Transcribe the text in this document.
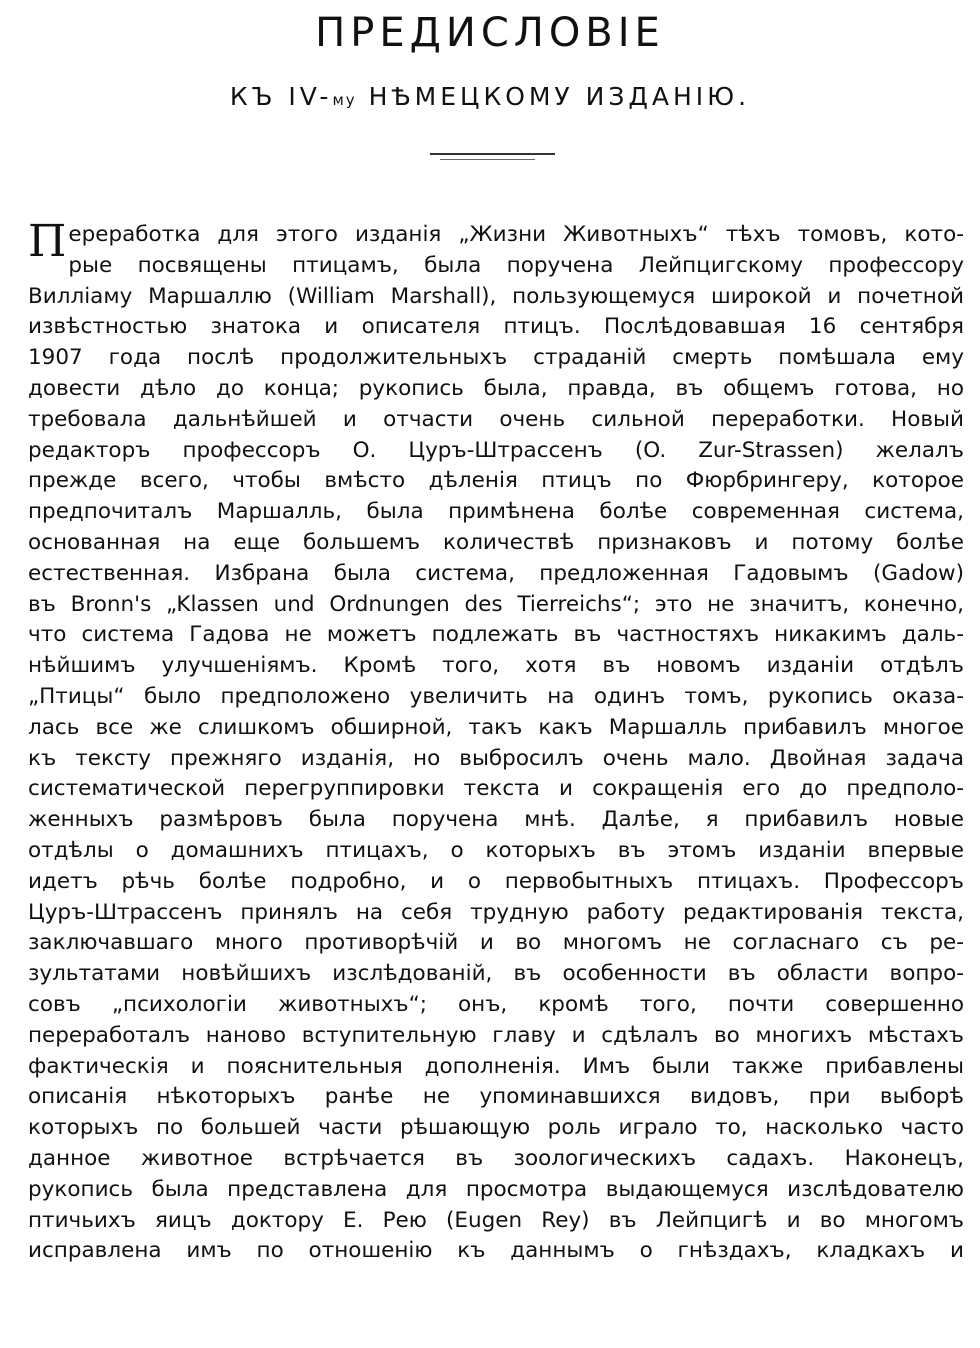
ПРЕДИСЛОВІЕ
КЪ IV-му НѢМЕЦКОМУ ИЗДАНІЮ.
П ереработка для этого изданія „Жизни Животныхъ“ тѣхъ томовъ, кото-
рые посвящены птицамъ, была поручена Лейпцигскому профессору
Вилліаму Маршаллю (William Marshall), пользующемуся широкой и почетной
извѣстностью знатока и описателя птицъ. Послѣдовавшая 16 сентября
1907 года послѣ продолжительныхъ страданій смерть помѣшала ему
довести дѣло до конца; рукопись была, правда, въ общемъ готова, но
требовала дальнѣйшей и отчасти очень сильной переработки. Новый
редакторъ профессоръ О. Цуръ-Штрассенъ (O. Zur-Strassen) желалъ
прежде всего, чтобы вмѣсто дѣленія птицъ по Фюрбрингеру, которое
предпочиталъ Маршалль, была примѣнена болѣе современная система,
основанная на еще большемъ количествѣ признаковъ и потому болѣе
естественная. Избрана была система, предложенная Гадовымъ (Gadow)
въ Bronn's „Klassen und Ordnungen des Tierreichs“; это не значитъ, конечно,
что система Гадова не можетъ подлежать въ частностяхъ никакимъ даль-
нѣйшимъ улучшеніямъ. Кромѣ того, хотя въ новомъ изданіи отдѣлъ
„Птицы“ было предположено увеличить на одинъ томъ, рукопись оказа-
лась все же слишкомъ обширной, такъ какъ Маршалль прибавилъ многое
къ тексту прежняго изданія, но выбросилъ очень мало. Двойная задача
систематической перегруппировки текста и сокращенія его до предполо-
женныхъ размѣровъ была поручена мнѣ. Далѣе, я прибавилъ новые
отдѣлы о домашнихъ птицахъ, о которыхъ въ этомъ изданіи впервые
идетъ рѣчь болѣе подробно, и о первобытныхъ птицахъ. Профессоръ
Цуръ-Штрассенъ принялъ на себя трудную работу редактированія текста,
заключавшаго много противорѣчій и во многомъ не согласнаго съ ре-
зультатами новѣйшихъ изслѣдованій, въ особенности въ области вопро-
совъ „психологіи животныхъ“; онъ, кромѣ того, почти совершенно
переработалъ наново вступительную главу и сдѣлалъ во многихъ мѣстахъ
фактическія и пояснительныя дополненія. Имъ были также прибавлены
описанія нѣкоторыхъ ранѣе не упоминавшихся видовъ, при выборѣ
которыхъ по большей части рѣшающую роль играло то, насколько часто
данное животное встрѣчается въ зоологическихъ садахъ. Наконецъ,
рукопись была представлена для просмотра выдающемуся изслѣдователю
птичьихъ яицъ доктору Е. Рею (Eugen Rey) въ Лейпцигѣ и во многомъ
исправлена имъ по отношенію къ даннымъ о гнѣздахъ, кладкахъ и
